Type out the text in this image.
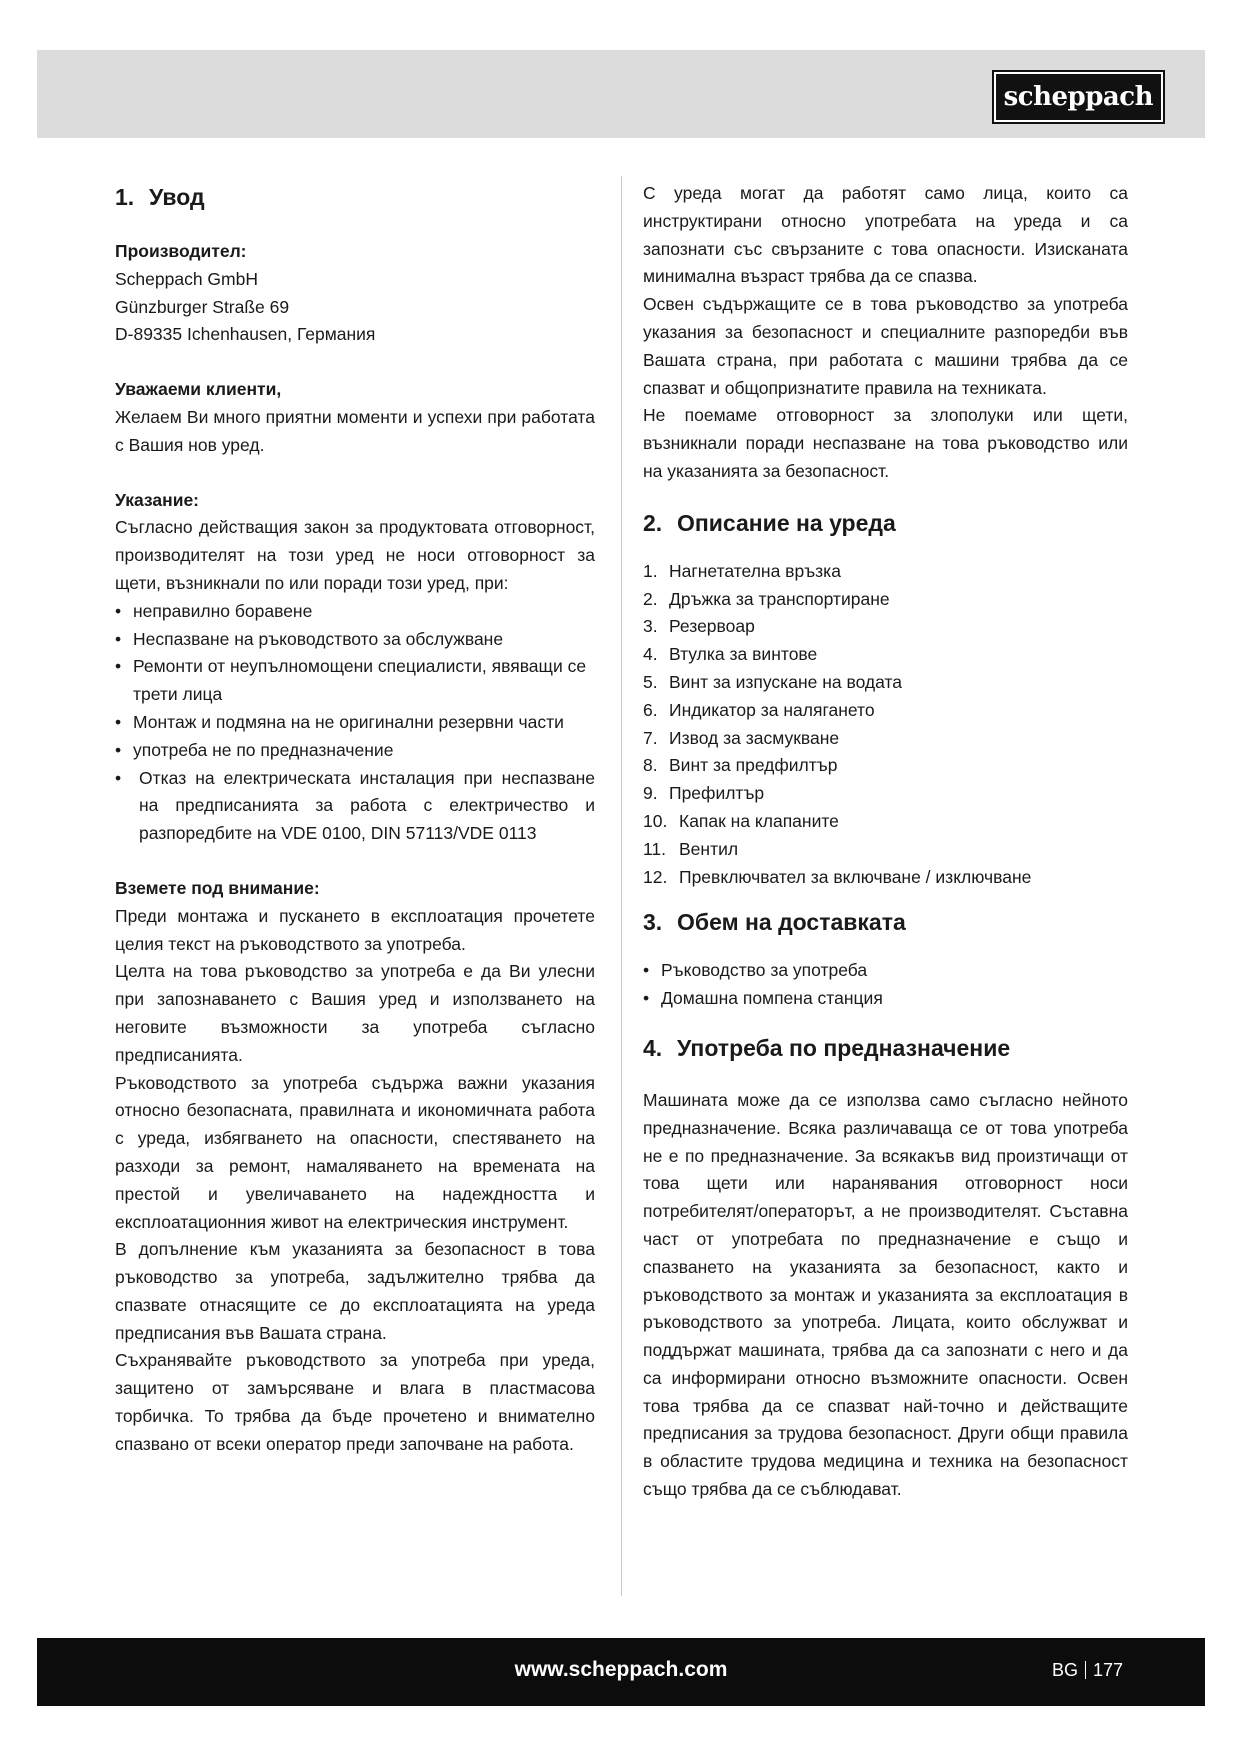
scheppach
1. Увод
Производител:
Scheppach GmbH
Günzburger Straße 69
D-89335 Ichenhausen, Германия
Уважаеми клиенти,

Желаем Ви много приятни моменти и успехи при работата с Вашия нов уред.

Указание:

Съгласно действащия закон за продуктовата отговорност, производителят на този уред не носи отговорност за щети, възникнали по или поради този уред, при:

• неправилно боравене
• Неспазване на ръководството за обслужване
• Ремонти от неупълномощени специалисти, явяващи се трети лица
• Монтаж и подмяна на не оригинални резервни части
• употреба не по предназначение
• Отказ на електрическата инсталация при неспазване на предписанията за работа с електричество и разпоредбите на VDE 0100, DIN 57113/VDE 0113
Вземете под внимание:

Преди монтажа и пускането в експлоатация прочетете целия текст на ръководството за употреба.

Целта на това ръководство за употреба е да Ви улесни при запознаването с Вашия уред и използването на неговите възможности за употреба съгласно предписанията.

Ръководството за употреба съдържа важни указания относно безопасната, правилната и икономичната работа с уреда, избягването на опасности, спестяването на разходи за ремонт, намаляването на времената на престой и увеличаването на надеждността и експлоатационния живот на електрическия инструмент.

В допълнение към указанията за безопасност в това ръководство за употреба, задължително трябва да спазвате отнасящите се до експлоатацията на уреда предписания във Вашата страна.

Съхранявайте ръководството за употреба при уреда, защитено от замърсяване и влага в пластмасова торбичка. То трябва да бъде прочетено и внимателно спазвано от всеки оператор преди започване на работа.

С уреда могат да работят само лица, които са инструктирани относно употребата на уреда и са запознати със свързаните с това опасности. Изисканата минимална възраст трябва да се спазва.

Освен съдържащите се в това ръководство за употреба указания за безопасност и специалните разпоредби във Вашата страна, при работата с машини трябва да се спазват и общопризнатите правила на техниката.

Не поемаме отговорност за злополуки или щети, възникнали поради неспазване на това ръководство или на указанията за безопасност.

2. Описание на уреда
1. Нагнетателна връзка
2. Дръжка за транспортиране
3. Резервоар
4. Втулка за винтове
5. Винт за изпускане на водата
6. Индикатор за налягането
7. Извод за засмукване
8. Винт за предфилтър
9. Префилтър
10. Капак на клапаните
11. Вентил
12. Превключвател за включване / изключване
3. Обем на доставката
• Ръководство за употреба
• Домашна помпена станция
4. Употреба по предназначение

Машината може да се използва само съгласно нейното предназначение. Всяка различаваща се от това употреба не е по предназначение. За всякакъв вид произтичащи от това щети или наранявания отговорност носи потребителят/операторът, а не производителят. Съставна част от употребата по предназначение е също и спазването на указанията за безопасност, както и ръководството за монтаж и указанията за експлоатация в ръководството за употреба. Лицата, които обслужват и поддържат машината, трябва да са запознати с него и да са информирани относно възможните опасности. Освен това трябва да се спазват най-точно и действащите предписания за трудова безопасност. Други общи правила в областите трудова медицина и техника на безопасност също трябва да се съблюдават.

www.scheppach.com	BG 177
